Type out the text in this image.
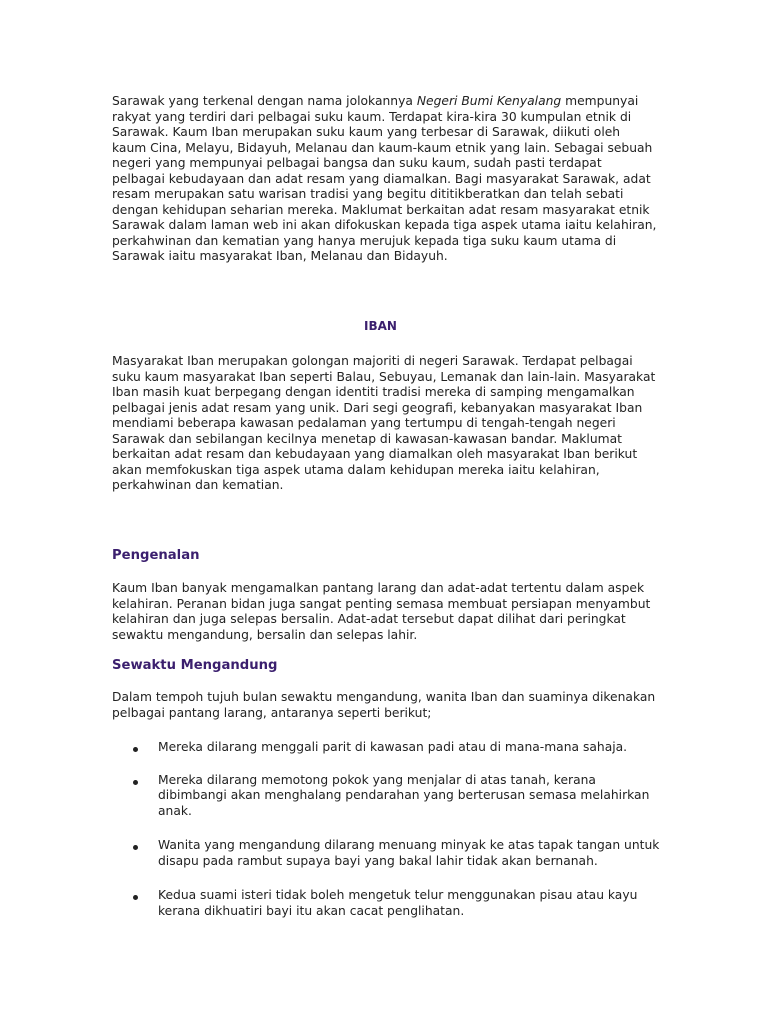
Sarawak yang terkenal dengan nama jolokannya Negeri Bumi Kenyalang mempunyai rakyat yang terdiri dari pelbagai suku kaum. Terdapat kira-kira 30 kumpulan etnik di Sarawak. Kaum Iban merupakan suku kaum yang terbesar di Sarawak, diikuti oleh kaum Cina, Melayu, Bidayuh, Melanau dan kaum-kaum etnik yang lain. Sebagai sebuah negeri yang mempunyai pelbagai bangsa dan suku kaum, sudah pasti terdapat pelbagai kebudayaan dan adat resam yang diamalkan. Bagi masyarakat Sarawak, adat resam merupakan satu warisan tradisi yang begitu dititikberatkan dan telah sebati dengan kehidupan seharian mereka. Maklumat berkaitan adat resam masyarakat etnik Sarawak dalam laman web ini akan difokuskan kepada tiga aspek utama iaitu kelahiran, perkahwinan dan kematian yang hanya merujuk kepada tiga suku kaum utama di Sarawak iaitu masyarakat Iban, Melanau dan Bidayuh.

IBAN

Masyarakat Iban merupakan golongan majoriti di negeri Sarawak. Terdapat pelbagai suku kaum masyarakat Iban seperti Balau, Sebuyau, Lemanak dan lain-lain. Masyarakat Iban masih kuat berpegang dengan identiti tradisi mereka di samping mengamalkan pelbagai jenis adat resam yang unik. Dari segi geografi, kebanyakan masyarakat Iban mendiami beberapa kawasan pedalaman yang tertumpu di tengah-tengah negeri Sarawak dan sebilangan kecilnya menetap di kawasan-kawasan bandar. Maklumat berkaitan adat resam dan kebudayaan yang diamalkan oleh masyarakat Iban berikut akan memfokuskan tiga aspek utama dalam kehidupan mereka iaitu kelahiran, perkahwinan dan kematian.

Pengenalan

Kaum Iban banyak mengamalkan pantang larang dan adat-adat tertentu dalam aspek kelahiran. Peranan bidan juga sangat penting semasa membuat persiapan menyambut kelahiran dan juga selepas bersalin. Adat-adat tersebut dapat dilihat dari peringkat sewaktu mengandung, bersalin dan selepas lahir.

Sewaktu Mengandung

Dalam tempoh tujuh bulan sewaktu mengandung, wanita Iban dan suaminya dikenakan pelbagai pantang larang, antaranya seperti berikut;

Mereka dilarang menggali parit di kawasan padi atau di mana-mana sahaja.
Mereka dilarang memotong pokok yang menjalar di atas tanah, kerana dibimbangi akan menghalang pendarahan yang berterusan semasa melahirkan anak.
Wanita yang mengandung dilarang menuang minyak ke atas tapak tangan untuk disapu pada rambut supaya bayi yang bakal lahir tidak akan bernanah.
Kedua suami isteri tidak boleh mengetuk telur menggunakan pisau atau kayu kerana dikhuatiri bayi itu akan cacat penglihatan.
